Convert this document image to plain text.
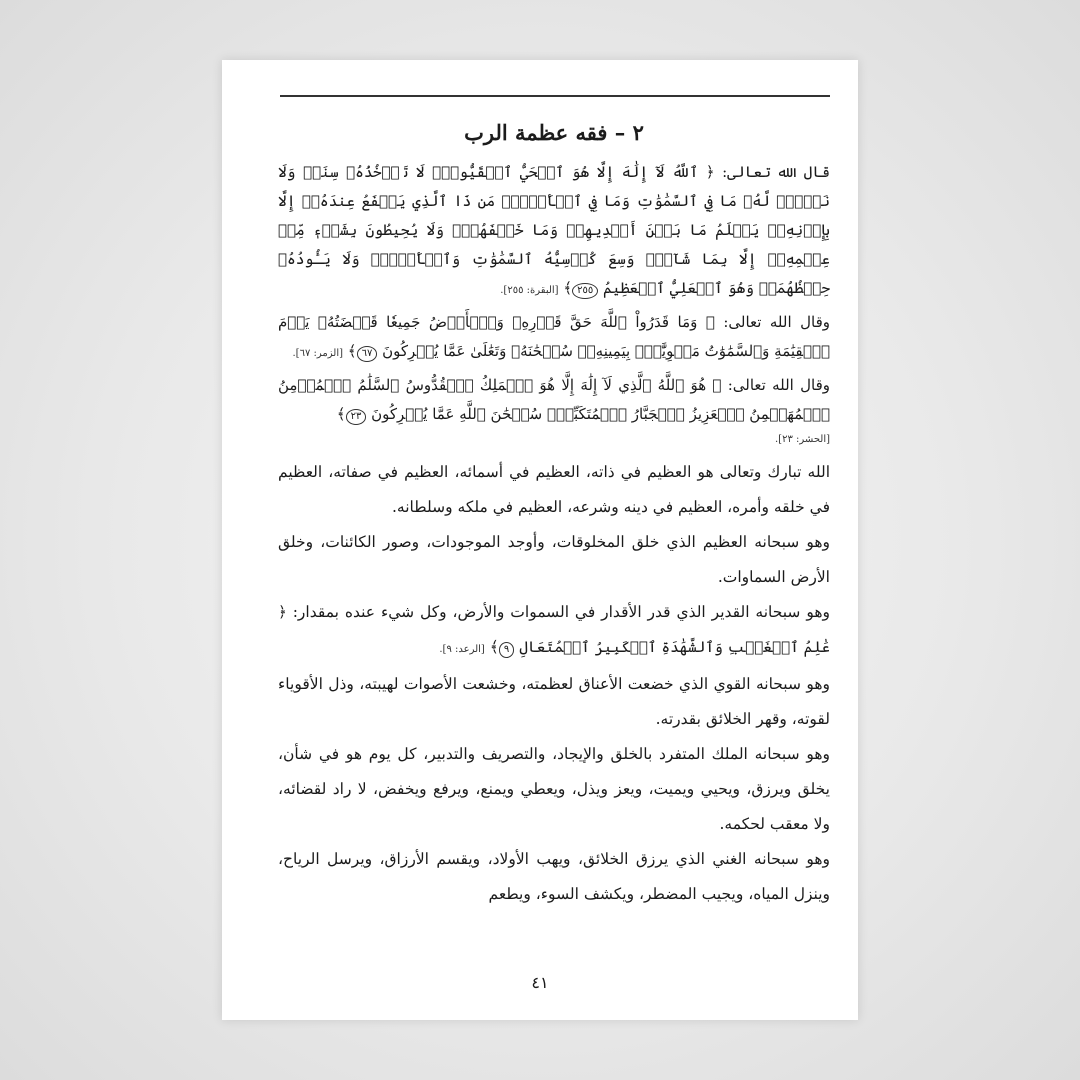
٢ – فقه عظمة الرب

قال الله تعالى: ﴿ ٱللَّهُ لَآ إِلَٰهَ إِلَّا هُوَ ٱلۡحَيُّ ٱلۡقَيُّومُۚ لَا تَأۡخُذُهُۥ سِنَةٞ وَلَا نَوۡمٞۚ لَّهُۥ مَا فِي ٱلسَّمَٰوَٰتِ وَمَا فِي ٱلۡأَرۡضِۗ مَن ذَا ٱلَّذِي يَشۡفَعُ عِندَهُۥٓ إِلَّا بِإِذۡنِهِۦۚ يَعۡلَمُ مَا بَيۡنَ أَيۡدِيهِمۡ وَمَا خَلۡفَهُمۡۖ وَلَا يُحِيطُونَ بِشَيۡءٖ مِّنۡ عِلۡمِهِۦٓ إِلَّا بِمَا شَآءَۚ وَسِعَ كُرۡسِيُّهُ ٱلسَّمَٰوَٰتِ وَٱلۡأَرۡضَۖ وَلَا يَـُٔودُهُۥ حِفۡظُهُمَاۚ وَهُوَ ٱلۡعَلِيُّ ٱلۡعَظِيمُ ٢٥٥﴾ [البقرة: ٢٥٥].

وقال الله تعالى: ﴿ وَمَا قَدَرُواْ ٱللَّهَ حَقَّ قَدۡرِهِۦ وَٱلۡأَرۡضُ جَمِيعٗا قَبۡضَتُهُۥ يَوۡمَ ٱلۡقِيَٰمَةِ وَٱلسَّمَٰوَٰتُ مَطۡوِيَّٰتُۢ بِيَمِينِهِۦۚ سُبۡحَٰنَهُۥ وَتَعَٰلَىٰ عَمَّا يُشۡرِكُونَ ٦٧﴾ [الزمر: ٦٧].

وقال الله تعالى: ﴿ هُوَ ٱللَّهُ ٱلَّذِي لَآ إِلَٰهَ إِلَّا هُوَ ٱلۡمَلِكُ ٱلۡقُدُّوسُ ٱلسَّلَٰمُ ٱلۡمُؤۡمِنُ ٱلۡمُهَيۡمِنُ ٱلۡعَزِيزُ ٱلۡجَبَّارُ ٱلۡمُتَكَبِّرُۚ سُبۡحَٰنَ ٱللَّهِ عَمَّا يُشۡرِكُونَ ٢٣﴾

[الحشر: ٢٣].

الله تبارك وتعالى هو العظيم في ذاته، العظيم في أسمائه، العظيم في صفاته، العظيم في خلقه وأمره، العظيم في دينه وشرعه، العظيم في ملكه وسلطانه.

وهو سبحانه العظيم الذي خلق المخلوقات، وأوجد الموجودات، وصور الكائنات، وخلق الأرض السماوات.

وهو سبحانه القدير الذي قدر الأقدار في السموات والأرض، وكل شيء عنده بمقدار: ﴿ عَٰلِمُ ٱلۡغَيۡبِ وَٱلشَّهَٰدَةِ ٱلۡكَبِيرُ ٱلۡمُتَعَالِ ٩﴾ [الرعد: ٩].

وهو سبحانه القوي الذي خضعت الأعناق لعظمته، وخشعت الأصوات لهيبته، وذل الأقوياء لقوته، وقهر الخلائق بقدرته.

وهو سبحانه الملك المتفرد بالخلق والإيجاد، والتصريف والتدبير، كل يوم هو في شأن، يخلق ويرزق، ويحيي ويميت، ويعز ويذل، ويعطي ويمنع، ويرفع ويخفض، لا راد لقضائه، ولا معقب لحكمه.

وهو سبحانه الغني الذي يرزق الخلائق، ويهب الأولاد، ويقسم الأرزاق، ويرسل الرياح، وينزل المياه، ويجيب المضطر، ويكشف السوء، ويطعم

٤١
